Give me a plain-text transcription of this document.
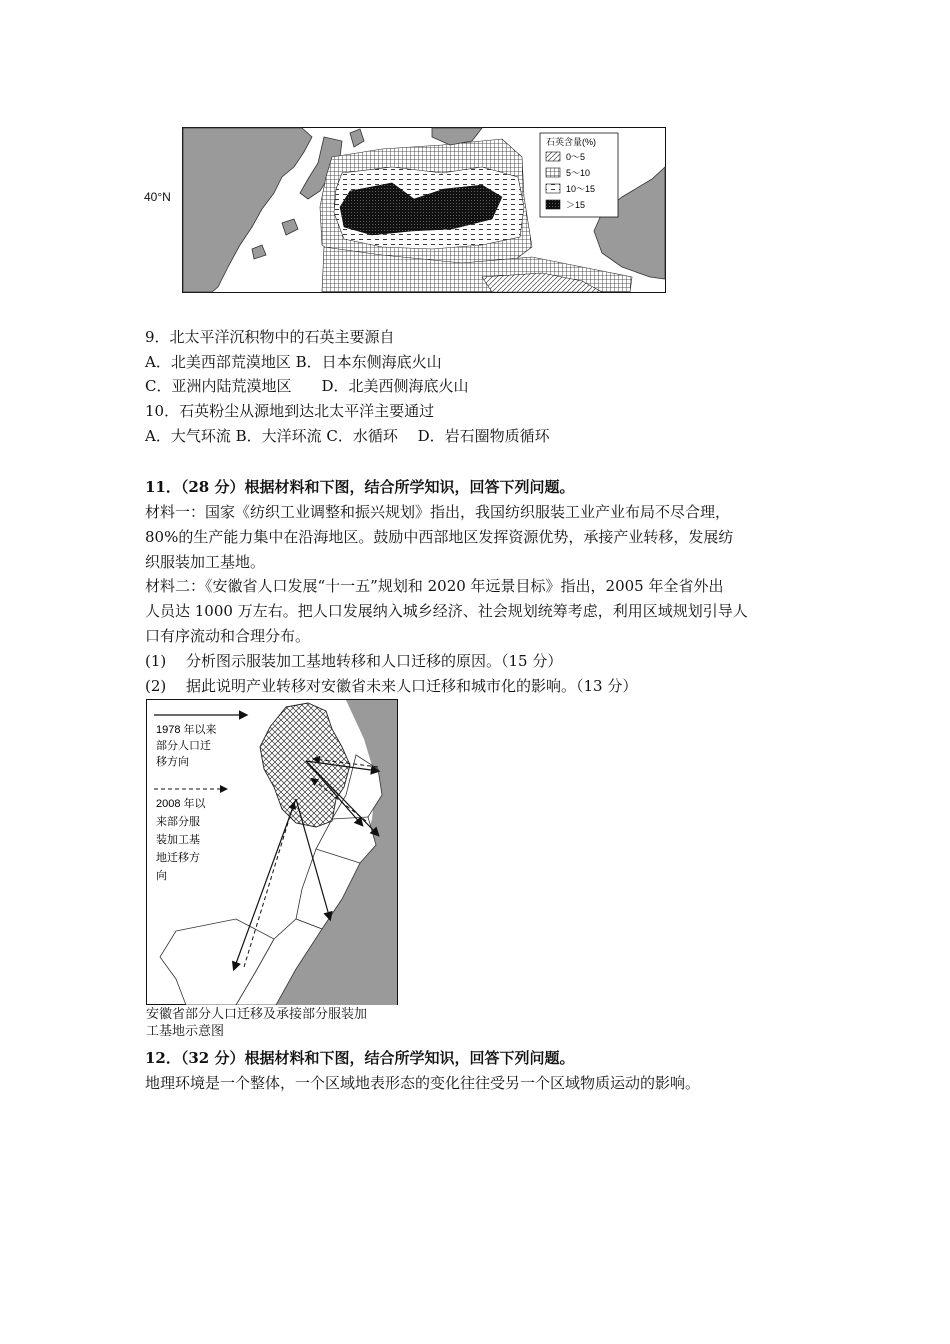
40°N
石英含量(%)
0～5
5～10
10～15
＞15
9．北太平洋沉积物中的石英主要源自
A．北美西部荒漠地区 B．日本东侧海底火山
C．亚洲内陆荒漠地区　　D．北美西侧海底火山
10．石英粉尘从源地到达北太平洋主要通过
A．大气环流 B．大洋环流 C．水循环　 D．岩石圈物质循环
11．（28 分）根据材料和下图，结合所学知识，回答下列问题。
材料一：国家《纺织工业调整和振兴规划》指出，我国纺织服装工业产业布局不尽合理，
80%的生产能力集中在沿海地区。鼓励中西部地区发挥资源优势，承接产业转移，发展纺
织服装加工基地。
材料二：《安徽省人口发展“十一五”规划和 2020 年远景目标》指出，2005 年全省外出
人员达 1000 万左右。把人口发展纳入城乡经济、社会规划统筹考虑，利用区域规划引导人
口有序流动和合理分布。
(1)　 分析图示服装加工基地转移和人口迁移的原因。（15 分）
(2)　 据此说明产业转移对安徽省未来人口迁移和城市化的影响。（13 分）
1978 年以来
部分人口迁
移方向
2008 年以
来部分服
装加工基
地迁移方
向
安徽省部分人口迁移及承接部分服装加
工基地示意图
12．（32 分）根据材料和下图，结合所学知识，回答下列问题。
地理环境是一个整体，一个区域地表形态的变化往往受另一个区域物质运动的影响。
